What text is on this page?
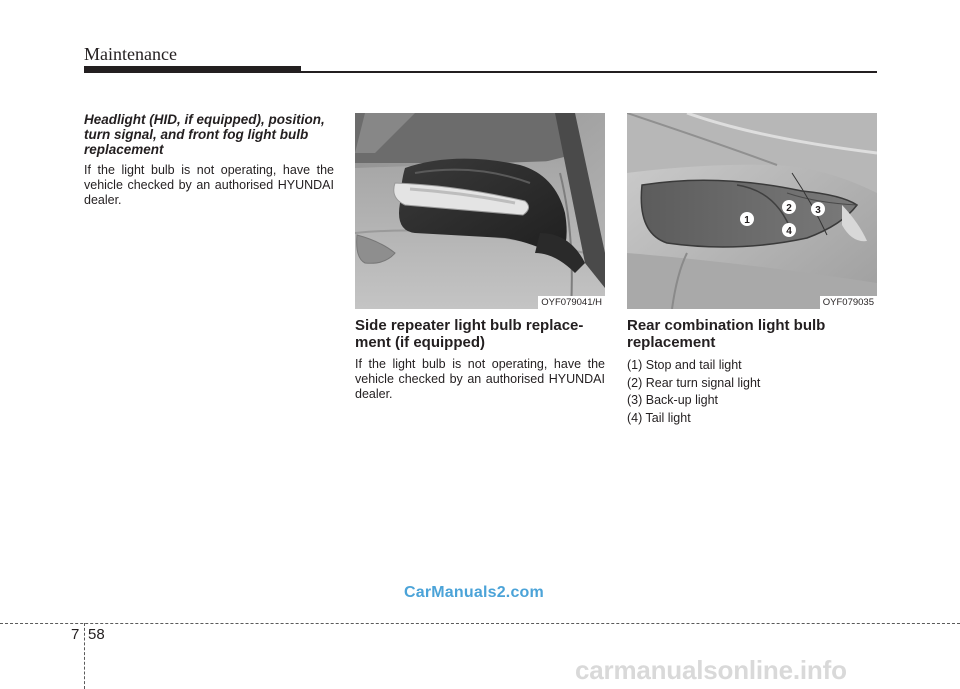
Maintenance

Headlight (HID, if equipped), position, turn signal, and front fog light bulb replacement

If the light bulb is not operating, have the vehicle checked by an authorised HYUNDAI dealer.

OYF079041/H

Side repeater light bulb replace-ment (if equipped)

If the light bulb is not operating, have the vehicle checked by an authorised HYUNDAI dealer.

1
2 3
4
OYF079035

Rear combination light bulb replacement

(1) Stop and tail light
(2) Rear turn signal light
(3) Back-up light
(4) Tail light
CarManuals2.com
carmanualsonline.info
7 58
